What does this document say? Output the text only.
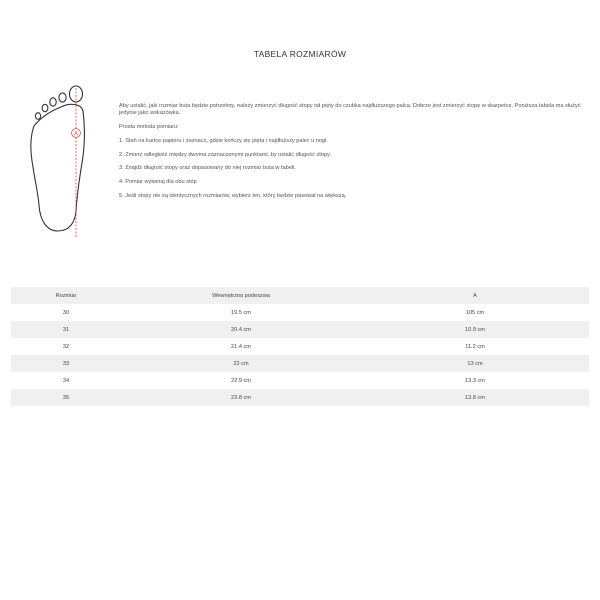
TABELA ROZMIARÓW
A

Aby ustalić, jaki rozmiar buta będzie potrzebny, należy zmierzyć długość stopy od pięty do czubka najdłuższego palca. Dobrze jest zmierzyć stopę w skarpetce. Poniższa tabela ma służyć jedynie jako wskazówka.

Prosta metoda pomiaru:

1. Stań na kartce papieru i zaznacz, gdzie kończy się pięta i najdłuższy palec u nogi.

2. Zmierz odległość między dwoma zaznaczonymi punktami, by ustalić długość stopy.

3. Znajdź długość stopy oraz dopasowany do niej rozmiar buta w tabeli.

4. Pomiar wykonaj dla obu stóp

5. Jeśli stopy nie są identycznych rozmiarów, wybierz ten, który będzie pasował na większą.

Rozmiar	Wewnętrzna podeszwa	A
30	19.5 cm	105 cm
31	20.4 cm	10.9 cm
32	21.4 cm	11.2 cm
33	22 cm	13 cm
34	22.9 cm	13.3 cm
35	23.8 cm	13.8 cm
